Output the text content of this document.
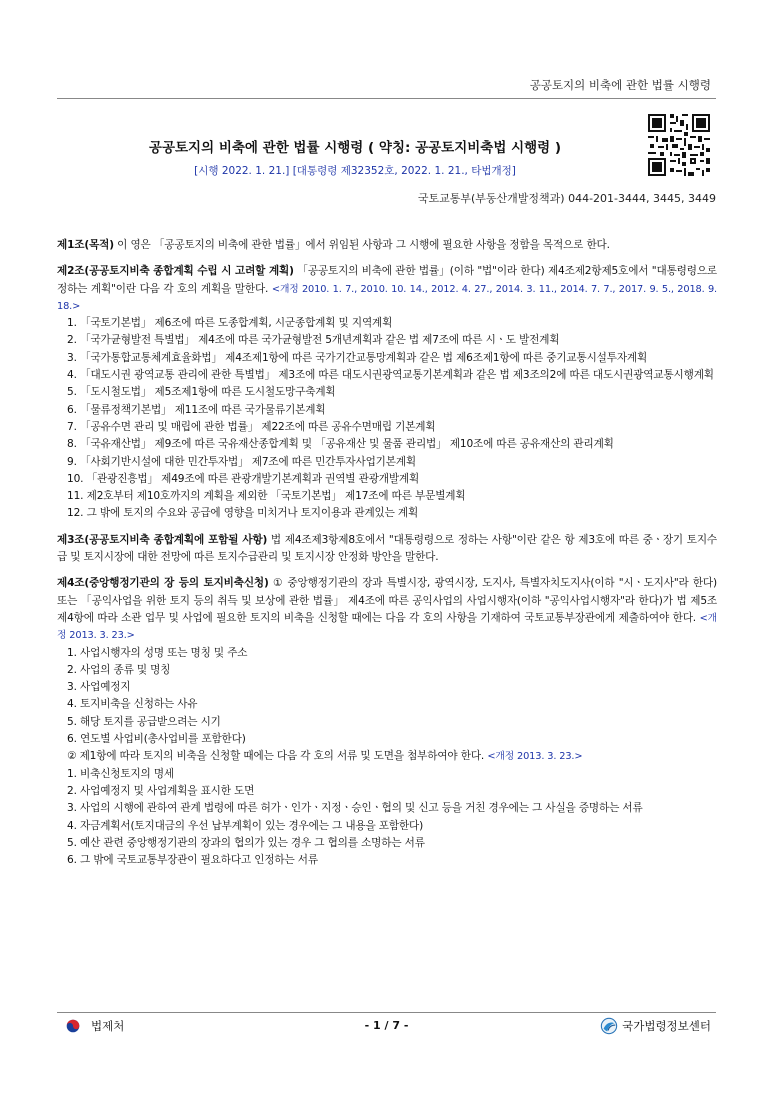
공공토지의 비축에 관한 법률 시행령
공공토지의 비축에 관한 법률 시행령 ( 약칭: 공공토지비축법 시행령 )
[시행 2022. 1. 21.] [대통령령 제32352호, 2022. 1. 21., 타법개정]
국토교통부(부동산개발정책과) 044-201-3444, 3445, 3449
제1조(목적) 이 영은 「공공토지의 비축에 관한 법률」에서 위임된 사항과 그 시행에 필요한 사항을 정함을 목적으로 한다.
제2조(공공토지비축 종합계획 수립 시 고려할 계획) 「공공토지의 비축에 관한 법률」(이하 "법"이라 한다) 제4조제2항제5호에서 "대통령령으로 정하는 계획"이란 다음 각 호의 계획을 말한다. <개정 2010. 1. 7., 2010. 10. 14., 2012. 4. 27., 2014. 3. 11., 2014. 7. 7., 2017. 9. 5., 2018. 9. 18.>
1. 「국토기본법」 제6조에 따른 도종합계획, 시군종합계획 및 지역계획
2. 「국가균형발전 특별법」 제4조에 따른 국가균형발전 5개년계획과 같은 법 제7조에 따른 시ㆍ도 발전계획
3. 「국가통합교통체계효율화법」 제4조제1항에 따른 국가기간교통망계획과 같은 법 제6조제1항에 따른 중기교통시설투자계획
4. 「대도시권 광역교통 관리에 관한 특별법」 제3조에 따른 대도시권광역교통기본계획과 같은 법 제3조의2에 따른 대도시권광역교통시행계획
5. 「도시철도법」 제5조제1항에 따른 도시철도망구축계획
6. 「물류정책기본법」 제11조에 따른 국가물류기본계획
7. 「공유수면 관리 및 매립에 관한 법률」 제22조에 따른 공유수면매립 기본계획
8. 「국유재산법」 제9조에 따른 국유재산종합계획 및 「공유재산 및 물품 관리법」 제10조에 따른 공유재산의 관리계획
9. 「사회기반시설에 대한 민간투자법」 제7조에 따른 민간투자사업기본계획
10. 「관광진흥법」 제49조에 따른 관광개발기본계획과 권역별 관광개발계획
11. 제2호부터 제10호까지의 계획을 제외한 「국토기본법」 제17조에 따른 부문별계획
12. 그 밖에 토지의 수요와 공급에 영향을 미치거나 토지이용과 관계있는 계획
제3조(공공토지비축 종합계획에 포함될 사항) 법 제4조제3항제8호에서 "대통령령으로 정하는 사항"이란 같은 항 제3호에 따른 중ㆍ장기 토지수급 및 토지시장에 대한 전망에 따른 토지수급관리 및 토지시장 안정화 방안을 말한다.
제4조(중앙행정기관의 장 등의 토지비축신청) ① 중앙행정기관의 장과 특별시장, 광역시장, 도지사, 특별자치도지사(이하 "시ㆍ도지사"라 한다) 또는 「공익사업을 위한 토지 등의 취득 및 보상에 관한 법률」 제4조에 따른 공익사업의 사업시행자(이하 "공익사업시행자"라 한다)가 법 제5조제4항에 따라 소관 업무 및 사업에 필요한 토지의 비축을 신청할 때에는 다음 각 호의 사항을 기재하여 국토교통부장관에게 제출하여야 한다. <개정 2013. 3. 23.>
1. 사업시행자의 성명 또는 명칭 및 주소
2. 사업의 종류 및 명칭
3. 사업예정지
4. 토지비축을 신청하는 사유
5. 해당 토지를 공급받으려는 시기
6. 연도별 사업비(총사업비를 포함한다)
② 제1항에 따라 토지의 비축을 신청할 때에는 다음 각 호의 서류 및 도면을 첨부하여야 한다. <개정 2013. 3. 23.>
1. 비축신청토지의 명세
2. 사업예정지 및 사업계획을 표시한 도면
3. 사업의 시행에 관하여 관계 법령에 따른 허가ㆍ인가ㆍ지정ㆍ승인ㆍ협의 및 신고 등을 거친 경우에는 그 사실을 증명하는 서류
4. 자금계획서(토지대금의 우선 납부계획이 있는 경우에는 그 내용을 포함한다)
5. 예산 관련 중앙행정기관의 장과의 협의가 있는 경우 그 협의를 소명하는 서류
6. 그 밖에 국토교통부장관이 필요하다고 인정하는 서류
법제처	- 1 / 7 -	국가법령정보센터
